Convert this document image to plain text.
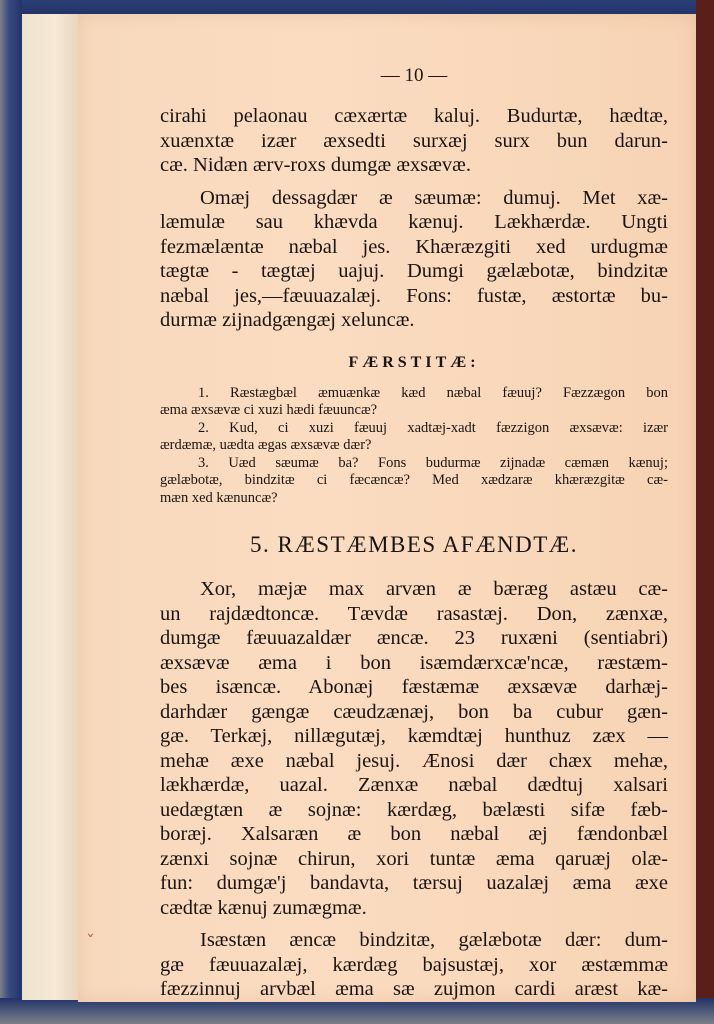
— 10 —
cirahi pelaonau cæxærtæ kaluj. Budurtæ, hædtæ,
xuænxtæ izær æxsedti surxæj surx bun darun-
cæ. Nidæn ærv-roxs dumgæ æxsævæ.
Omæj dessagdær æ sæumæ: dumuj. Met xæ-
læmulæ sau khævda kænuj. Lækhærdæ. Ungti
fezmælæntæ næbal jes. Khæræzgiti xed urdugmæ
tægtæ - tægtæj uajuj. Dumgi gælæbotæ, bindzitæ
næbal jes,—fæuuazalæj. Fons: fustæ, æstortæ bu-
durmæ zijnadgængæj xeluncæ.
FÆRSTITÆ:
1. Ræstægbæl æmuænkæ kæd næbal fæuuj? Fæzzægon bon
æma æxsævæ ci xuzi hædi fæuuncæ?
2. Kud, ci xuzi fæuuj xadtæj-xadt fæzzigon æxsævæ: izær
ærdæmæ, uædta ægas æxsævæ dær?
3. Uæd sæumæ ba? Fons budurmæ zijnadæ cæmæn kænuj;
gælæbotæ, bindzitæ ci fæcæncæ? Med xædzaræ khæræzgitæ cæ-
mæn xed kænuncæ?
5. RÆSTÆMBES AFÆNDTÆ.
Xor, mæjæ max arvæn æ bæræg astæu cæ-
un rajdædtoncæ. Tævdæ rasastæj. Don, zænxæ,
dumgæ fæuuazaldær æncæ. 23 ruxæni (sentiabri)
æxsævæ æma i bon isæmdærxcæ'ncæ, ræstæm-
bes isæncæ. Abonæj fæstæmæ æxsævæ darhæj-
darhdær gængæ cæudzænæj, bon ba cubur gæn-
gæ. Terkæj, nillægutæj, kæmdtæj hunthuz zæx —
mehæ æxe næbal jesuj. Ænosi dær chæx mehæ,
lækhærdæ, uazal. Zænxæ næbal dædtuj xalsari
uedægtæn æ sojnæ: kærdæg, bælæsti sifæ fæb-
boræj. Xalsaræn æ bon næbal æj fændonbæl
zænxi sojnæ chirun, xori tuntæ æma qaruæj olæ-
fun: dumgæ'j bandavta, tærsuj uazalæj æma æxe
cædtæ kænuj zumægmæ.
Isæstæn æncæ bindzitæ, gælæbotæ dær: dum-
gæ fæuuazalæj, kærdæg bajsustæj, xor æstæmmæ
fæzzinnuj arvbæl æma sæ zujmon cardi aræst kæ-
ˇ
